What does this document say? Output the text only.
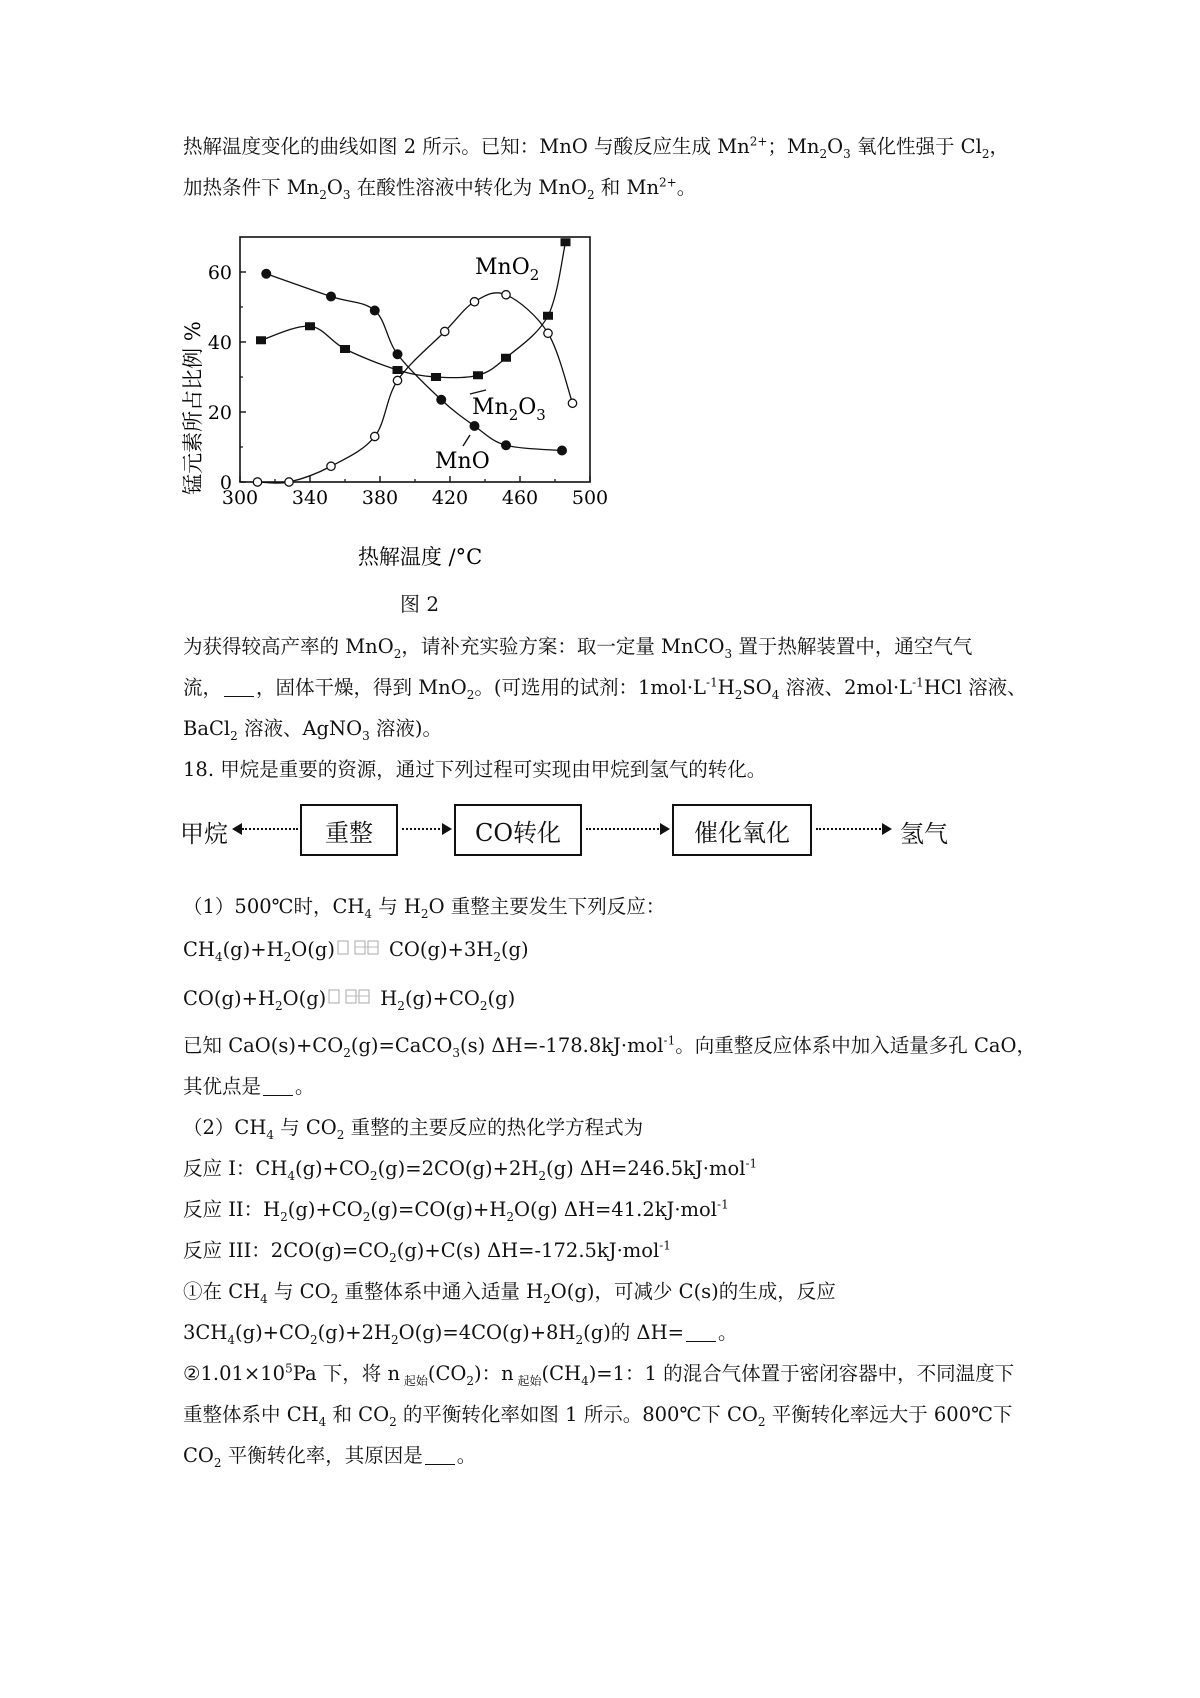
热解温度变化的曲线如图 2 所示。已知：MnO 与酸反应生成 $Mn^{2+}$；$Mn_2O_3$ 氧化性强于 $Cl_2$，
加热条件下 $Mn_2O_3$ 在酸性溶液中转化为 MnO$_2$ 和 $Mn^{2+}$。
300 340 380 420 460 500
0
20
40
60
热解温度 /°C
锰元素所占比例 %
MnO$_2$
$Mn_2O_3$
MnO
图 2
为获得较高产率的 MnO$_2$，请补充实验方案：取一定量 MnCO$_3$ 置于热解装置中，通空气气
流， ，固体干燥，得到 MnO$_2$。(可选用的试剂：$1mol\cdot L^{-1}H_2SO_4$ 溶液、$2mol\cdot L^{-1}HCl$ 溶液、
BaCl$_2$ 溶液、AgNO$_3$ 溶液)。
18. 甲烷是重要的资源，通过下列过程可实现由甲烷到氢气的转化。
甲烷	重整	CO转化	催化氧化	氢气
（1）500℃时，$CH_4$ 与 $H_2O$ 重整主要发生下列反应：
$CH_4(g)+H_2O(g)$	$CO(g)+3H_2(g)$
$CO(g)+H_2O(g)$	$H_2(g)+CO_2(g)$
已知 $CaO(s)+CO_2(g)=CaCO_3(s)$ ΔH=-178.8kJ·mol$^{-1}$。向重整反应体系中加入适量多孔 CaO，
其优点是 。
$(2)CH_4$ 与 $CO_2$ 重整的主要反应的热化学方程式为
反应 I：$CH_4(g)+CO_2(g)=2CO(g)+2H_2(g)$ ΔH=246.5kJ·mol$^{-1}$
反应 II：$H_2(g)+CO_2(g)=CO(g)+H_2O(g)$ ΔH=41.2kJ·mol$^{-1}$
反应 III：$2CO(g)=CO_2(g)+C(s)$ ΔH=-172.5kJ·mol$^{-1}$
①在 $CH_4$ 与 $CO_2$ 重整体系中通入适量 $H_2O(g)$，可减少 C(s)的生成，反应
$3CH_4(g)+CO_2(g)+2H_2O(g)=4CO(g)+8H_2(g)$的 ΔH= 。
$②1.01\times 10^5Pa$ 下，将 n $_{起始}(CO_2)$：n $_{起始}(CH_4)=1$：1 的混合气体置于密闭容器中，不同温度下
重整体系中 $CH_4$ 和 $CO_2$ 的平衡转化率如图 1 所示。800℃下 $CO_2$ 平衡转化率远大于 600℃下
$CO_2$ 平衡转化率，其原因是 。
